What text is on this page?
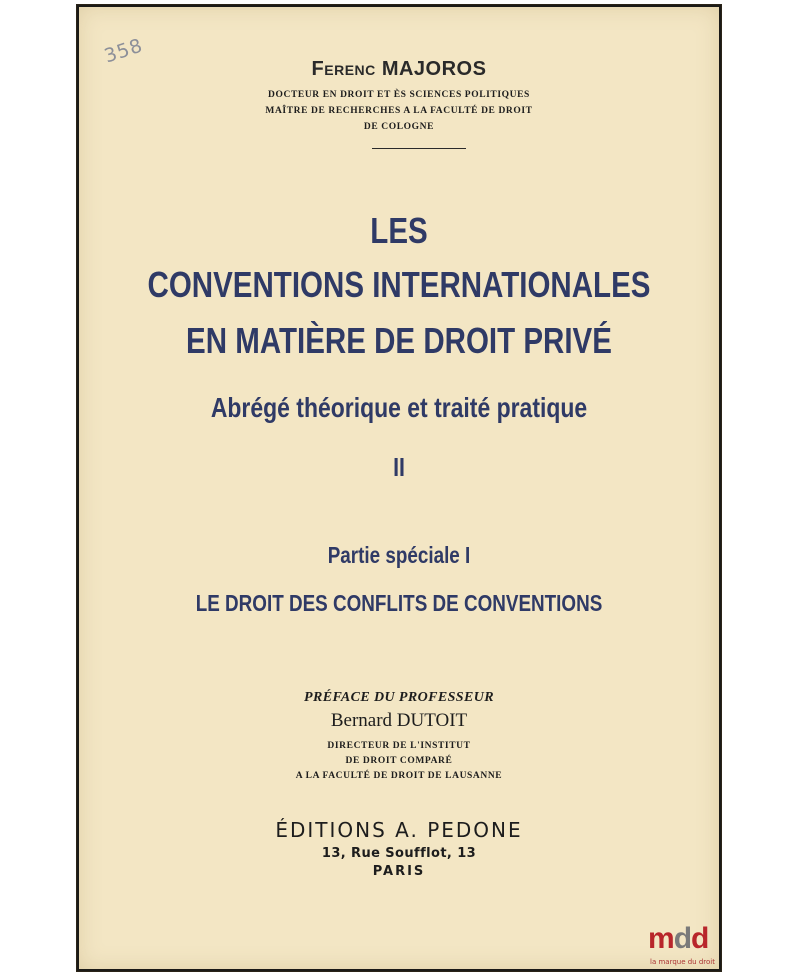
358
FERENC MAJOROS
DOCTEUR EN DROIT ET ÈS SCIENCES POLITIQUES
MAÎTRE DE RECHERCHES A LA FACULTÉ DE DROIT
DE COLOGNE
LES
CONVENTIONS INTERNATIONALES
EN MATIÈRE DE DROIT PRIVÉ
Abrégé théorique et traité pratique
II
Partie spéciale I
LE DROIT DES CONFLITS DE CONVENTIONS
PRÉFACE DU PROFESSEUR
Bernard DUTOIT
DIRECTEUR DE L'INSTITUT
DE DROIT COMPARÉ
A LA FACULTÉ DE DROIT DE LAUSANNE
ÉDITIONS A. PEDONE
13, Rue Soufflot, 13
PARIS
mdd
la marque du droit
